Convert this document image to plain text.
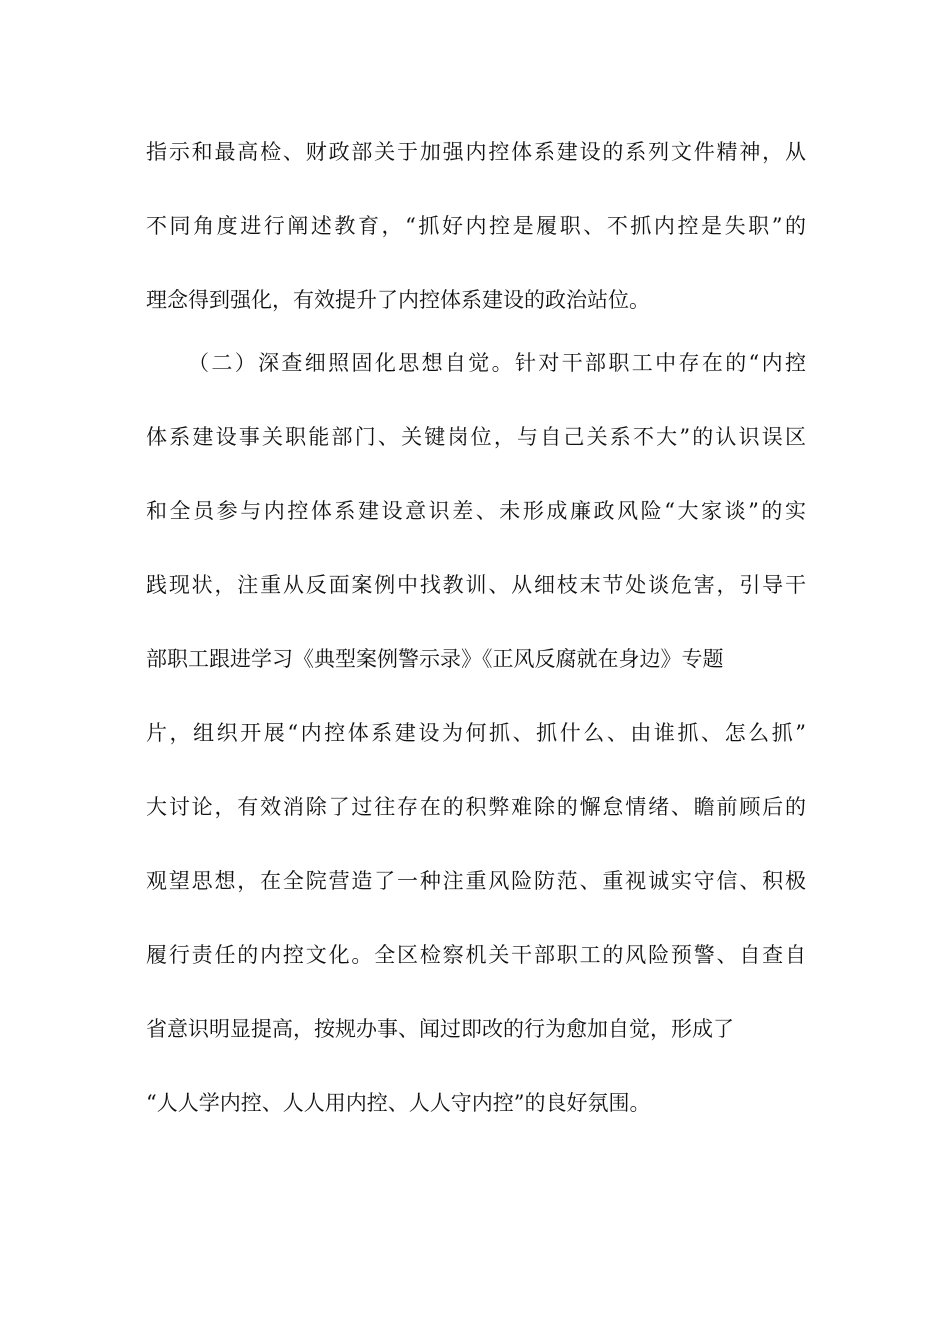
指示和最高检、财政部关于加强内控体系建设的系列文件精神，从
不同角度进行阐述教育，“抓好内控是履职、不抓内控是失职”的
理念得到强化，有效提升了内控体系建设的政治站位。
（二）深查细照固化思想自觉。针对干部职工中存在的“内控
体系建设事关职能部门、关键岗位，与自己关系不大”的认识误区
和全员参与内控体系建设意识差、未形成廉政风险“大家谈”的实
践现状，注重从反面案例中找教训、从细枝末节处谈危害，引导干
部职工跟进学习《典型案例警示录》《正风反腐就在身边》专题
片，组织开展“内控体系建设为何抓、抓什么、由谁抓、怎么抓”
大讨论，有效消除了过往存在的积弊难除的懈怠情绪、瞻前顾后的
观望思想，在全院营造了一种注重风险防范、重视诚实守信、积极
履行责任的内控文化。全区检察机关干部职工的风险预警、自查自
省意识明显提高，按规办事、闻过即改的行为愈加自觉，形成了
“人人学内控、人人用内控、人人守内控”的良好氛围。
